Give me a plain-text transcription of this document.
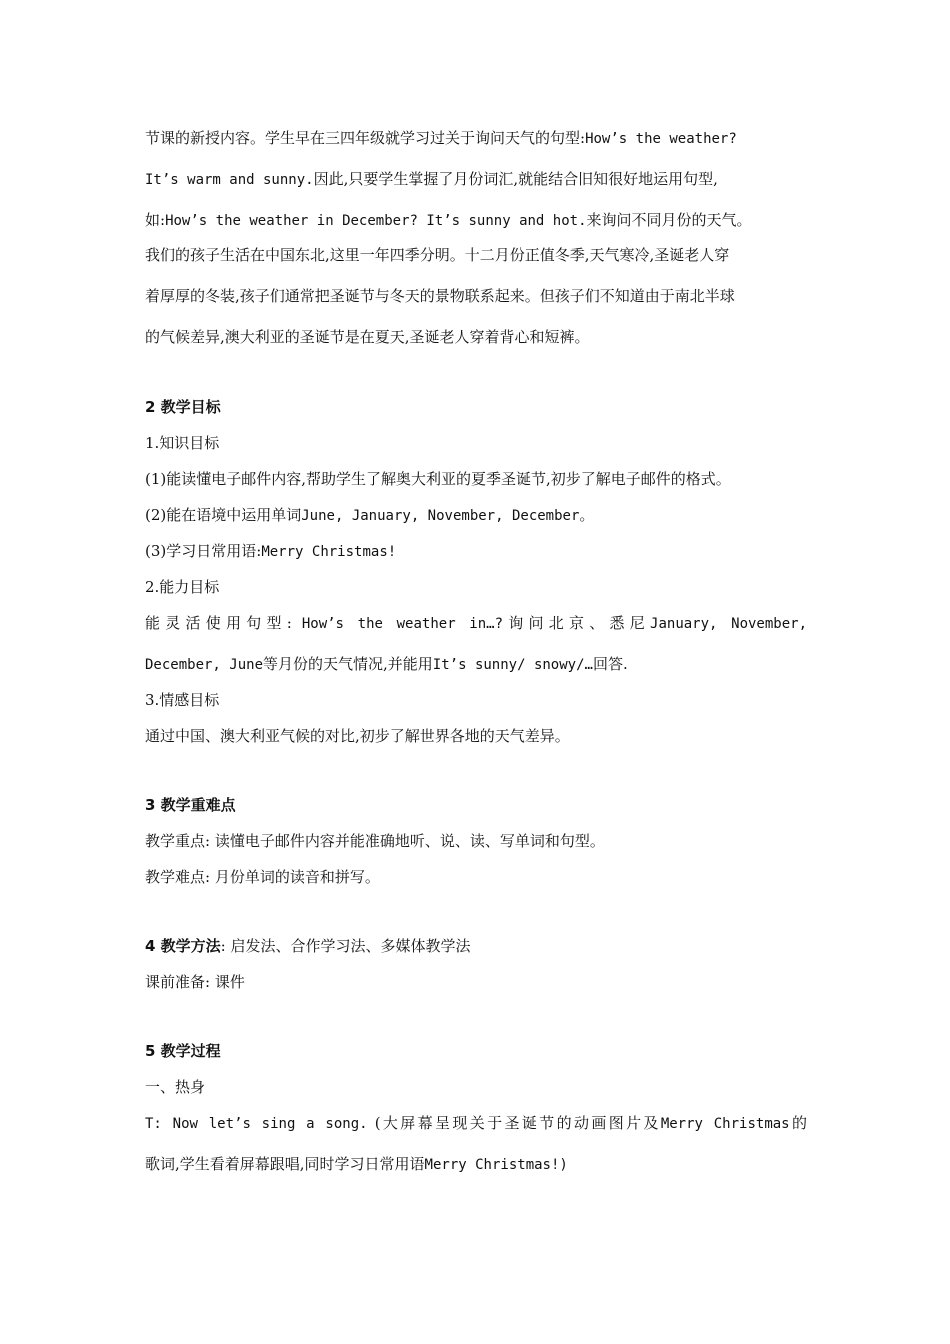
节课的新授内容。学生早在三四年级就学习过关于询问天气的句型:How’s the weather?
It’s warm and sunny.因此,只要学生掌握了月份词汇,就能结合旧知很好地运用句型,
如:How’s the weather in December? It’s sunny and hot.来询问不同月份的天气。
我们的孩子生活在中国东北,这里一年四季分明。十二月份正值冬季,天气寒冷,圣诞老人穿
着厚厚的冬装,孩子们通常把圣诞节与冬天的景物联系起来。但孩子们不知道由于南北半球
的气候差异,澳大利亚的圣诞节是在夏天,圣诞老人穿着背心和短裤。
2 教学目标
1.知识目标
(1)能读懂电子邮件内容,帮助学生了解奥大利亚的夏季圣诞节,初步了解电子邮件的格式。
(2)能在语境中运用单词June, January, November, December。
(3)学习日常用语:Merry Christmas!
2.能力目标
能灵活使用句型: How’s the weather in…?询问北京、悉尼January, November,
December, June等月份的天气情况,并能用It’s sunny/ snowy/…回答.
3.情感目标
通过中国、澳大利亚气候的对比,初步了解世界各地的天气差异。
3 教学重难点
教学重点: 读懂电子邮件内容并能准确地听、说、读、写单词和句型。
教学难点: 月份单词的读音和拼写。
4 教学方法: 启发法、合作学习法、多媒体教学法
课前准备: 课件
5 教学过程
一、热身
T: Now let’s sing a song. (大屏幕呈现关于圣诞节的动画图片及Merry Christmas的
歌词,学生看着屏幕跟唱,同时学习日常用语Merry Christmas!)
